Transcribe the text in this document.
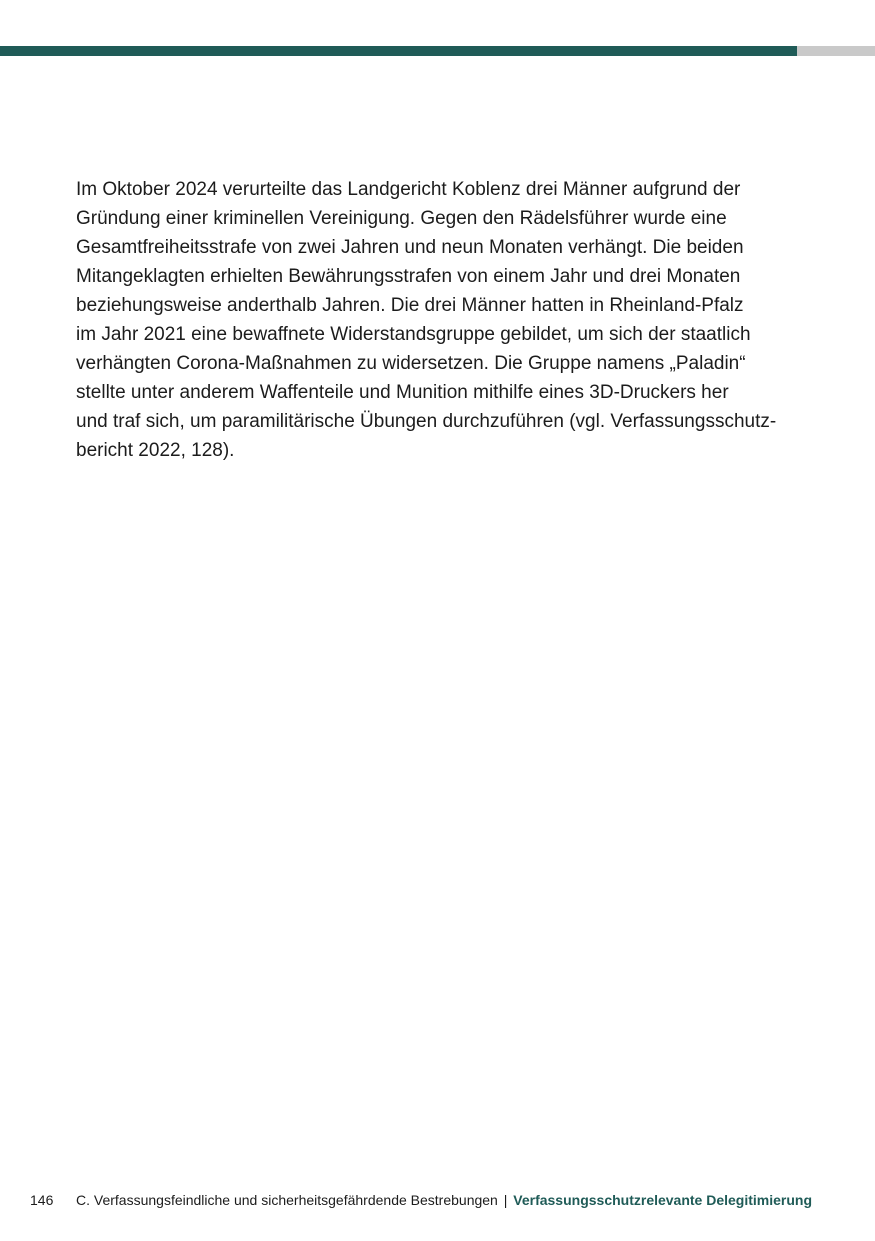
Im Oktober 2024 verurteilte das Landgericht Koblenz drei Männer aufgrund der
Gründung einer kriminellen Vereinigung. Gegen den Rädelsführer wurde eine
Gesamtfreiheitsstrafe von zwei Jahren und neun Monaten verhängt. Die beiden
Mitangeklagten erhielten Bewährungsstrafen von einem Jahr und drei Monaten
beziehungsweise anderthalb Jahren. Die drei Männer hatten in Rheinland-Pfalz
im Jahr 2021 eine bewaffnete Widerstandsgruppe gebildet, um sich der staatlich
verhängten Corona-Maßnahmen zu widersetzen. Die Gruppe namens „Paladin“
stellte unter anderem Waffenteile und Munition mithilfe eines 3D-Druckers her
und traf sich, um paramilitärische Übungen durchzuführen (vgl. Verfassungsschutz-
bericht 2022, 128).

146 C. Verfassungsfeindliche und sicherheitsgefährdende Bestrebungen | Verfassungsschutzrelevante Delegitimierung
